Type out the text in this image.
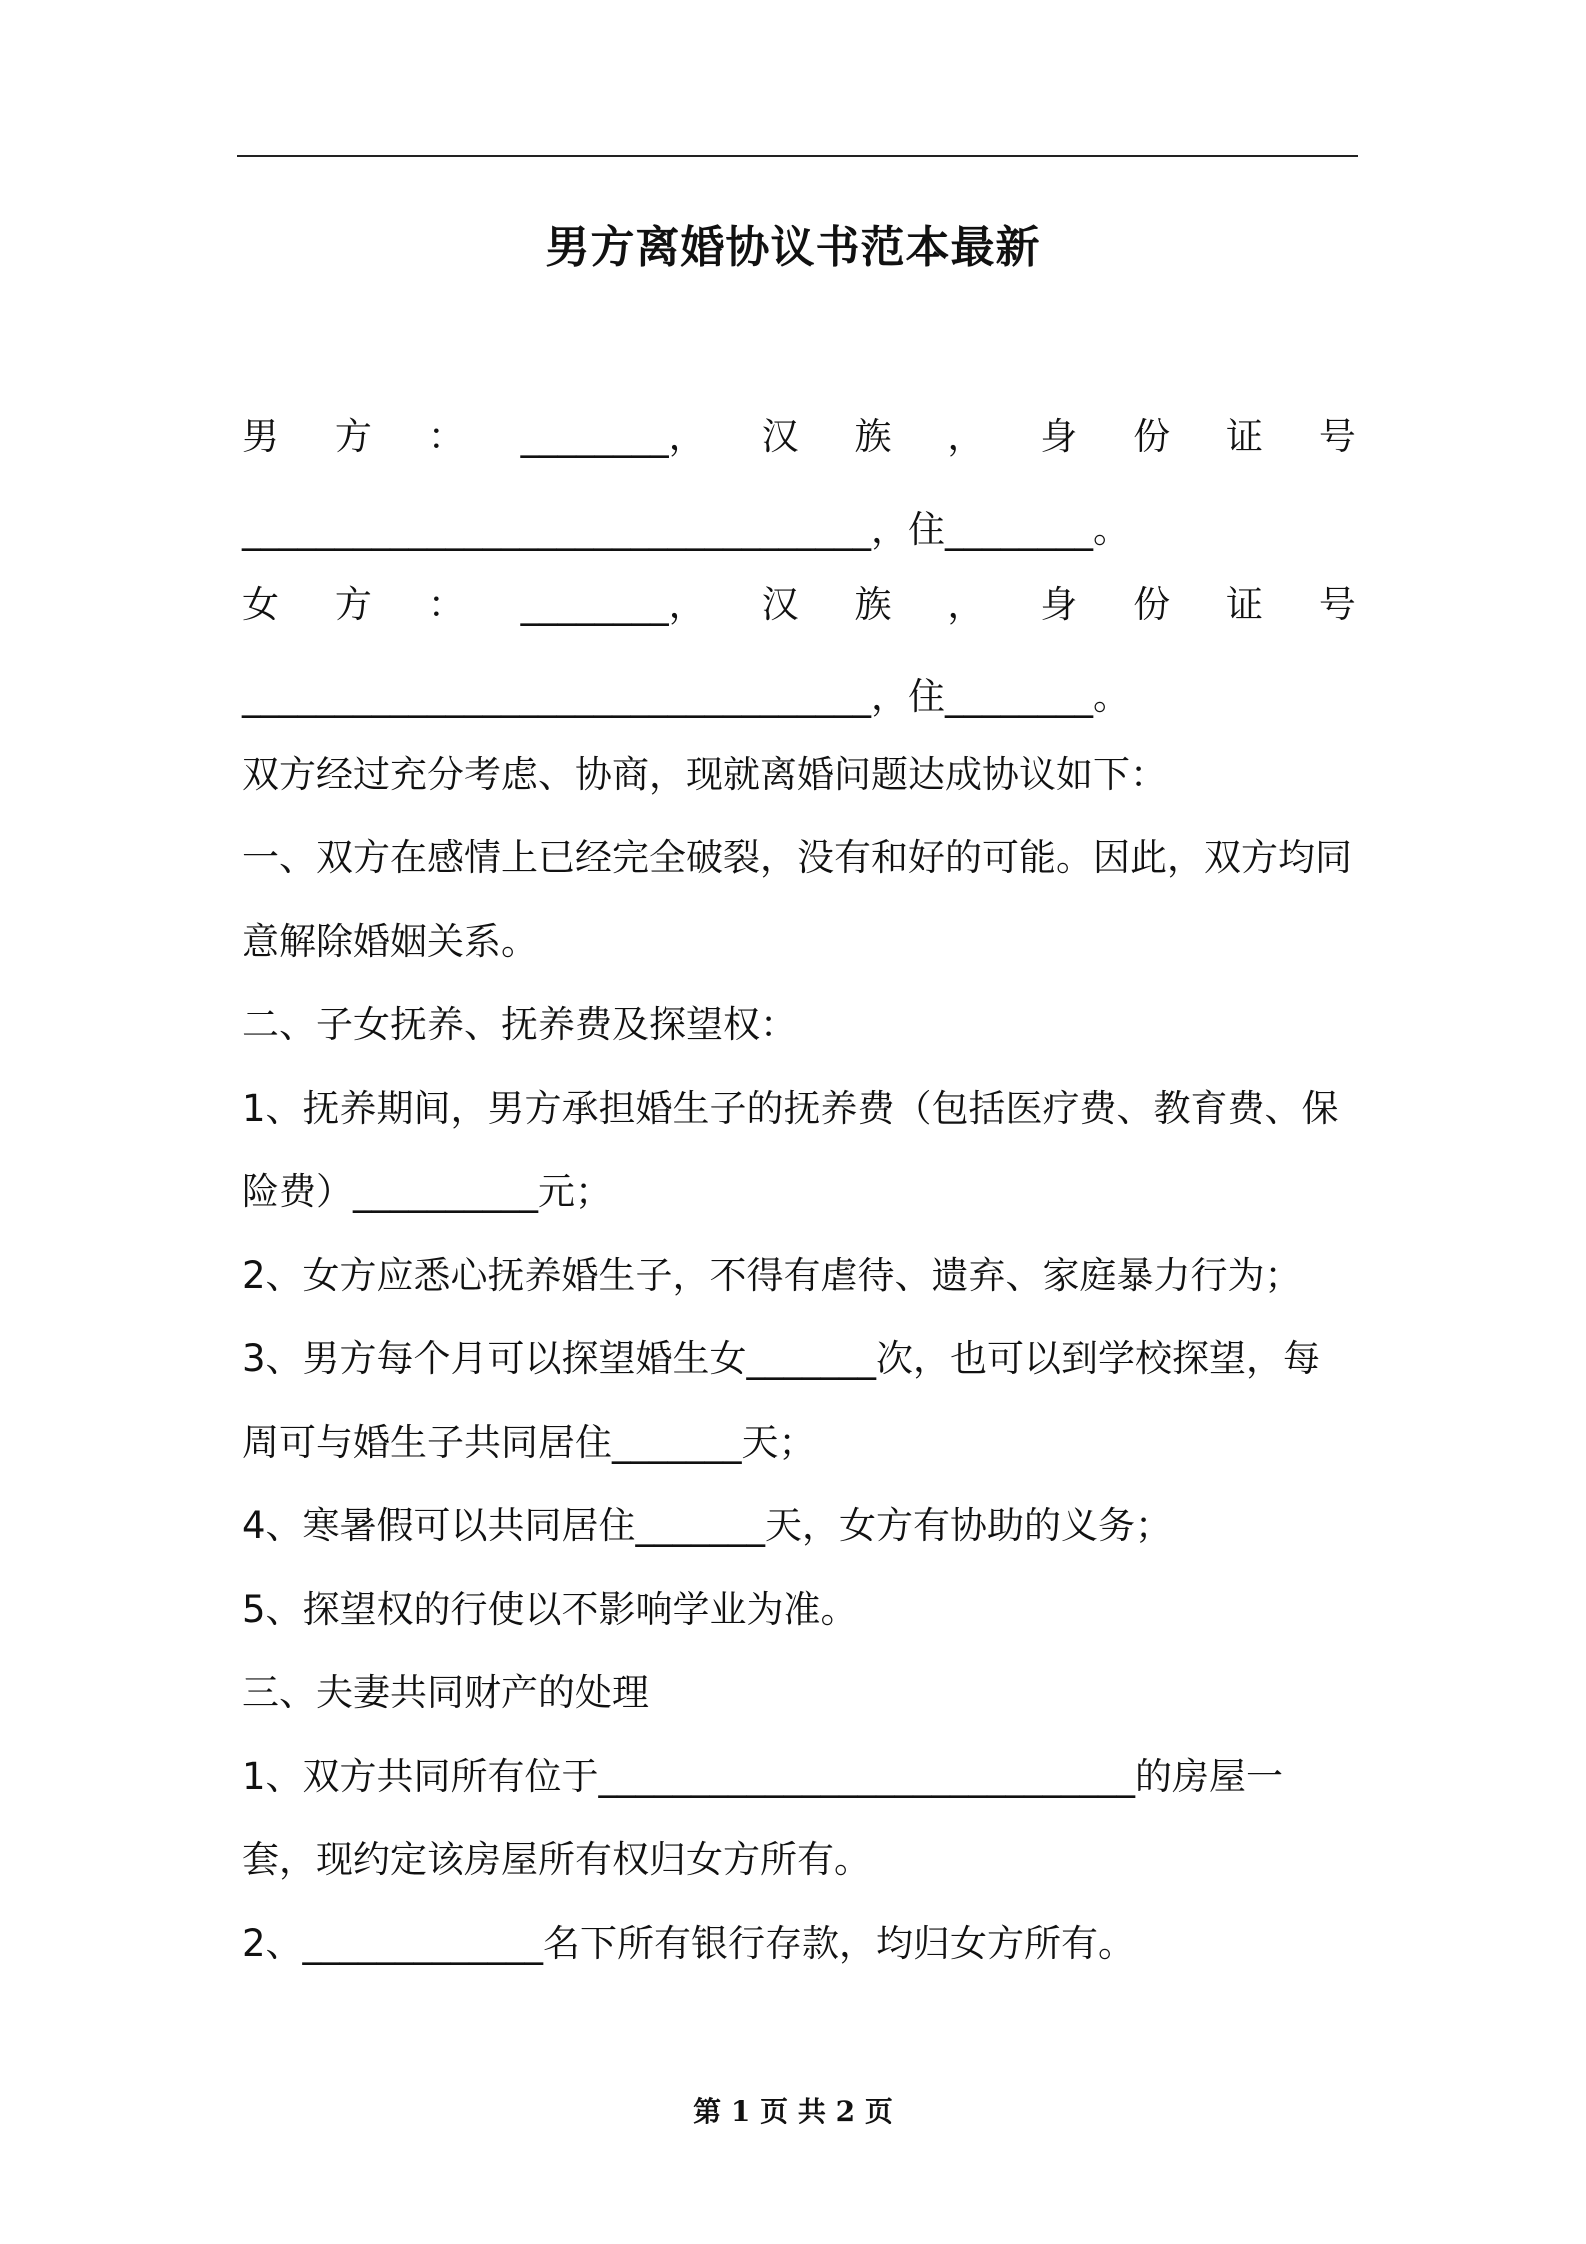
男方离婚协议书范本最新
男 方 ： ________， 汉 族 ， 身 份 证 号
__________________________________，住________。
女 方 ： ________， 汉 族 ， 身 份 证 号
__________________________________，住________。
双方经过充分考虑、协商，现就离婚问题达成协议如下：
一、双方在感情上已经完全破裂，没有和好的可能。因此，双方均同
意解除婚姻关系。
二、子女抚养、抚养费及探望权：
1、抚养期间，男方承担婚生子的抚养费（包括医疗费、教育费、保
险费）__________元；
2、女方应悉心抚养婚生子，不得有虐待、遗弃、家庭暴力行为；
3、男方每个月可以探望婚生女_______次，也可以到学校探望，每
周可与婚生子共同居住_______天；
4、寒暑假可以共同居住_______天，女方有协助的义务；
5、探望权的行使以不影响学业为准。
三、夫妻共同财产的处理
1、双方共同所有位于_____________________________的房屋一
套，现约定该房屋所有权归女方所有。
2、_____________名下所有银行存款，均归女方所有。
第 1 页 共 2 页
